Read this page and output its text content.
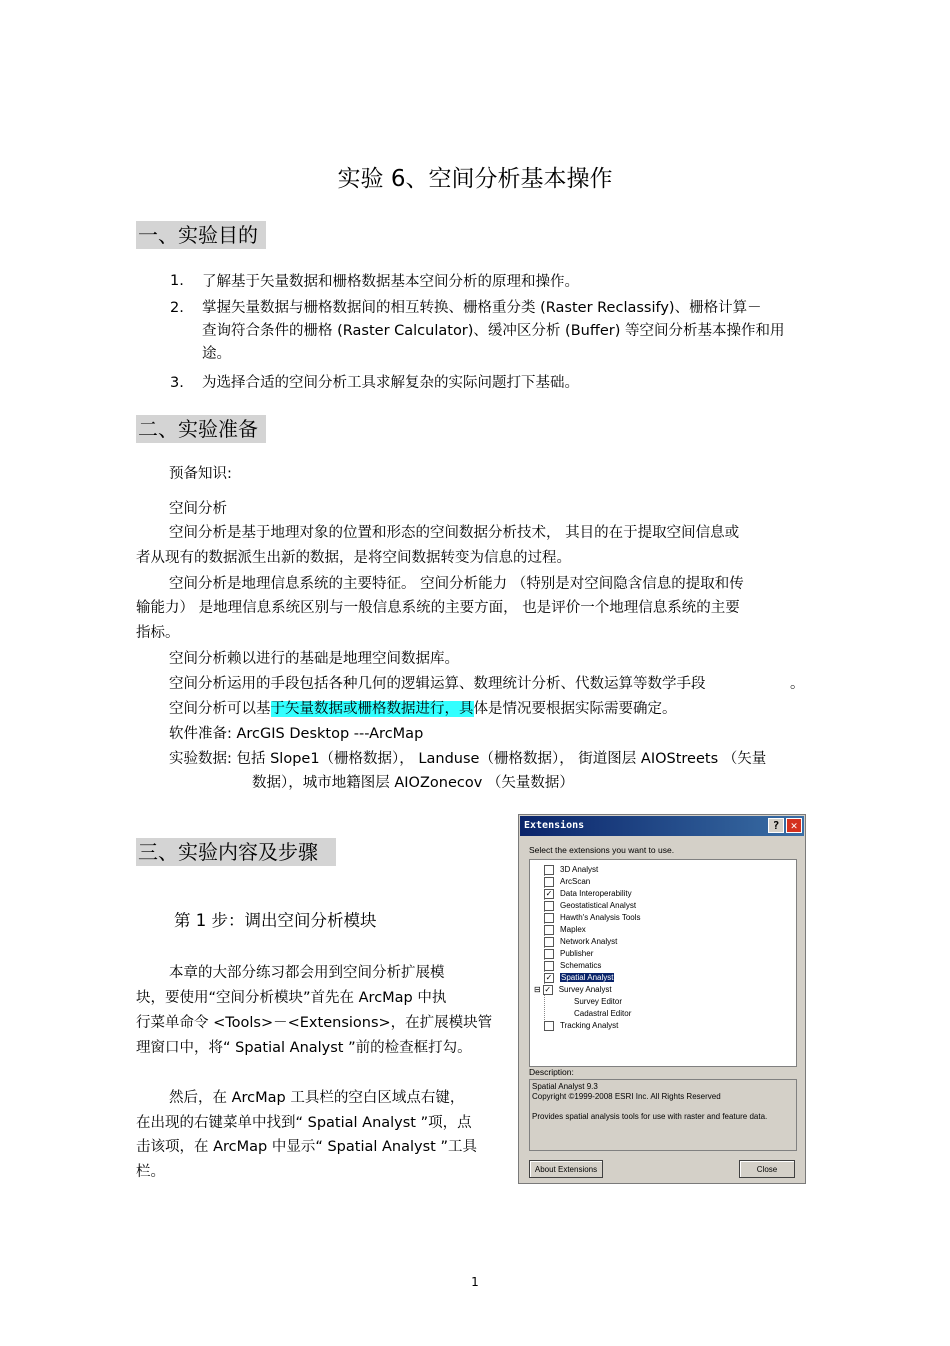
实验 6、空间分析基本操作
一、实验目的
1. 了解基于矢量数据和栅格数据基本空间分析的原理和操作。
2. 掌握矢量数据与栅格数据间的相互转换、栅格重分类 (Raster Reclassify)、栅格计算－
查询符合条件的栅格 (Raster Calculator)、缓冲区分析 (Buffer) 等空间分析基本操作和用
途。
3. 为选择合适的空间分析工具求解复杂的实际问题打下基础。
二、实验准备
预备知识:
空间分析
空间分析是基于地理对象的位置和形态的空间数据分析技术， 其目的在于提取空间信息或
者从现有的数据派生出新的数据，是将空间数据转变为信息的过程。
空间分析是地理信息系统的主要特征。 空间分析能力 （特别是对空间隐含信息的提取和传
输能力） 是地理信息系统区别与一般信息系统的主要方面， 也是评价一个地理信息系统的主要
指标。
空间分析赖以进行的基础是地理空间数据库。
空间分析运用的手段包括各种几何的逻辑运算、数理统计分析、代数运算等数学手段	。
空间分析可以基于矢量数据或栅格数据进行，具体是情况要根据实际需要确定。
软件准备: ArcGIS Desktop ---ArcMap
实验数据: 包括 Slope1（栅格数据）， Landuse（栅格数据）， 街道图层 AIOStreets （矢量
数据），城市地籍图层 AIOZonecov （矢量数据）
三、实验内容及步骤
第 1 步：调出空间分析模块
本章的大部分练习都会用到空间分析扩展模
块，要使用“空间分析模块”首先在 ArcMap 中执
行菜单命令 <Tools>－<Extensions>，在扩展模块管
理窗口中，将“ Spatial Analyst ”前的检查框打勾。
然后，在 ArcMap 工具栏的空白区域点右键，
在出现的右键菜单中找到“ Spatial Analyst ”项，点
击该项，在 ArcMap 中显示“ Spatial Analyst ”工具
栏。
Extensions	?	✕
Select the extensions you want to use.
3D Analyst
ArcScan
✓ Data Interoperability
Geostatistical Analyst
Hawth's Analysis Tools
Maplex
Network Analyst
Publisher
Schematics
✓ Spatial Analyst
⊟ ✓ Survey Analyst
Survey Editor
Cadastral Editor
Tracking Analyst
Description:
Spatial Analyst 9.3
Copyright ©1999-2008 ESRI Inc. All Rights Reserved
Provides spatial analysis tools for use with raster and feature data.
About Extensions	Close
1
